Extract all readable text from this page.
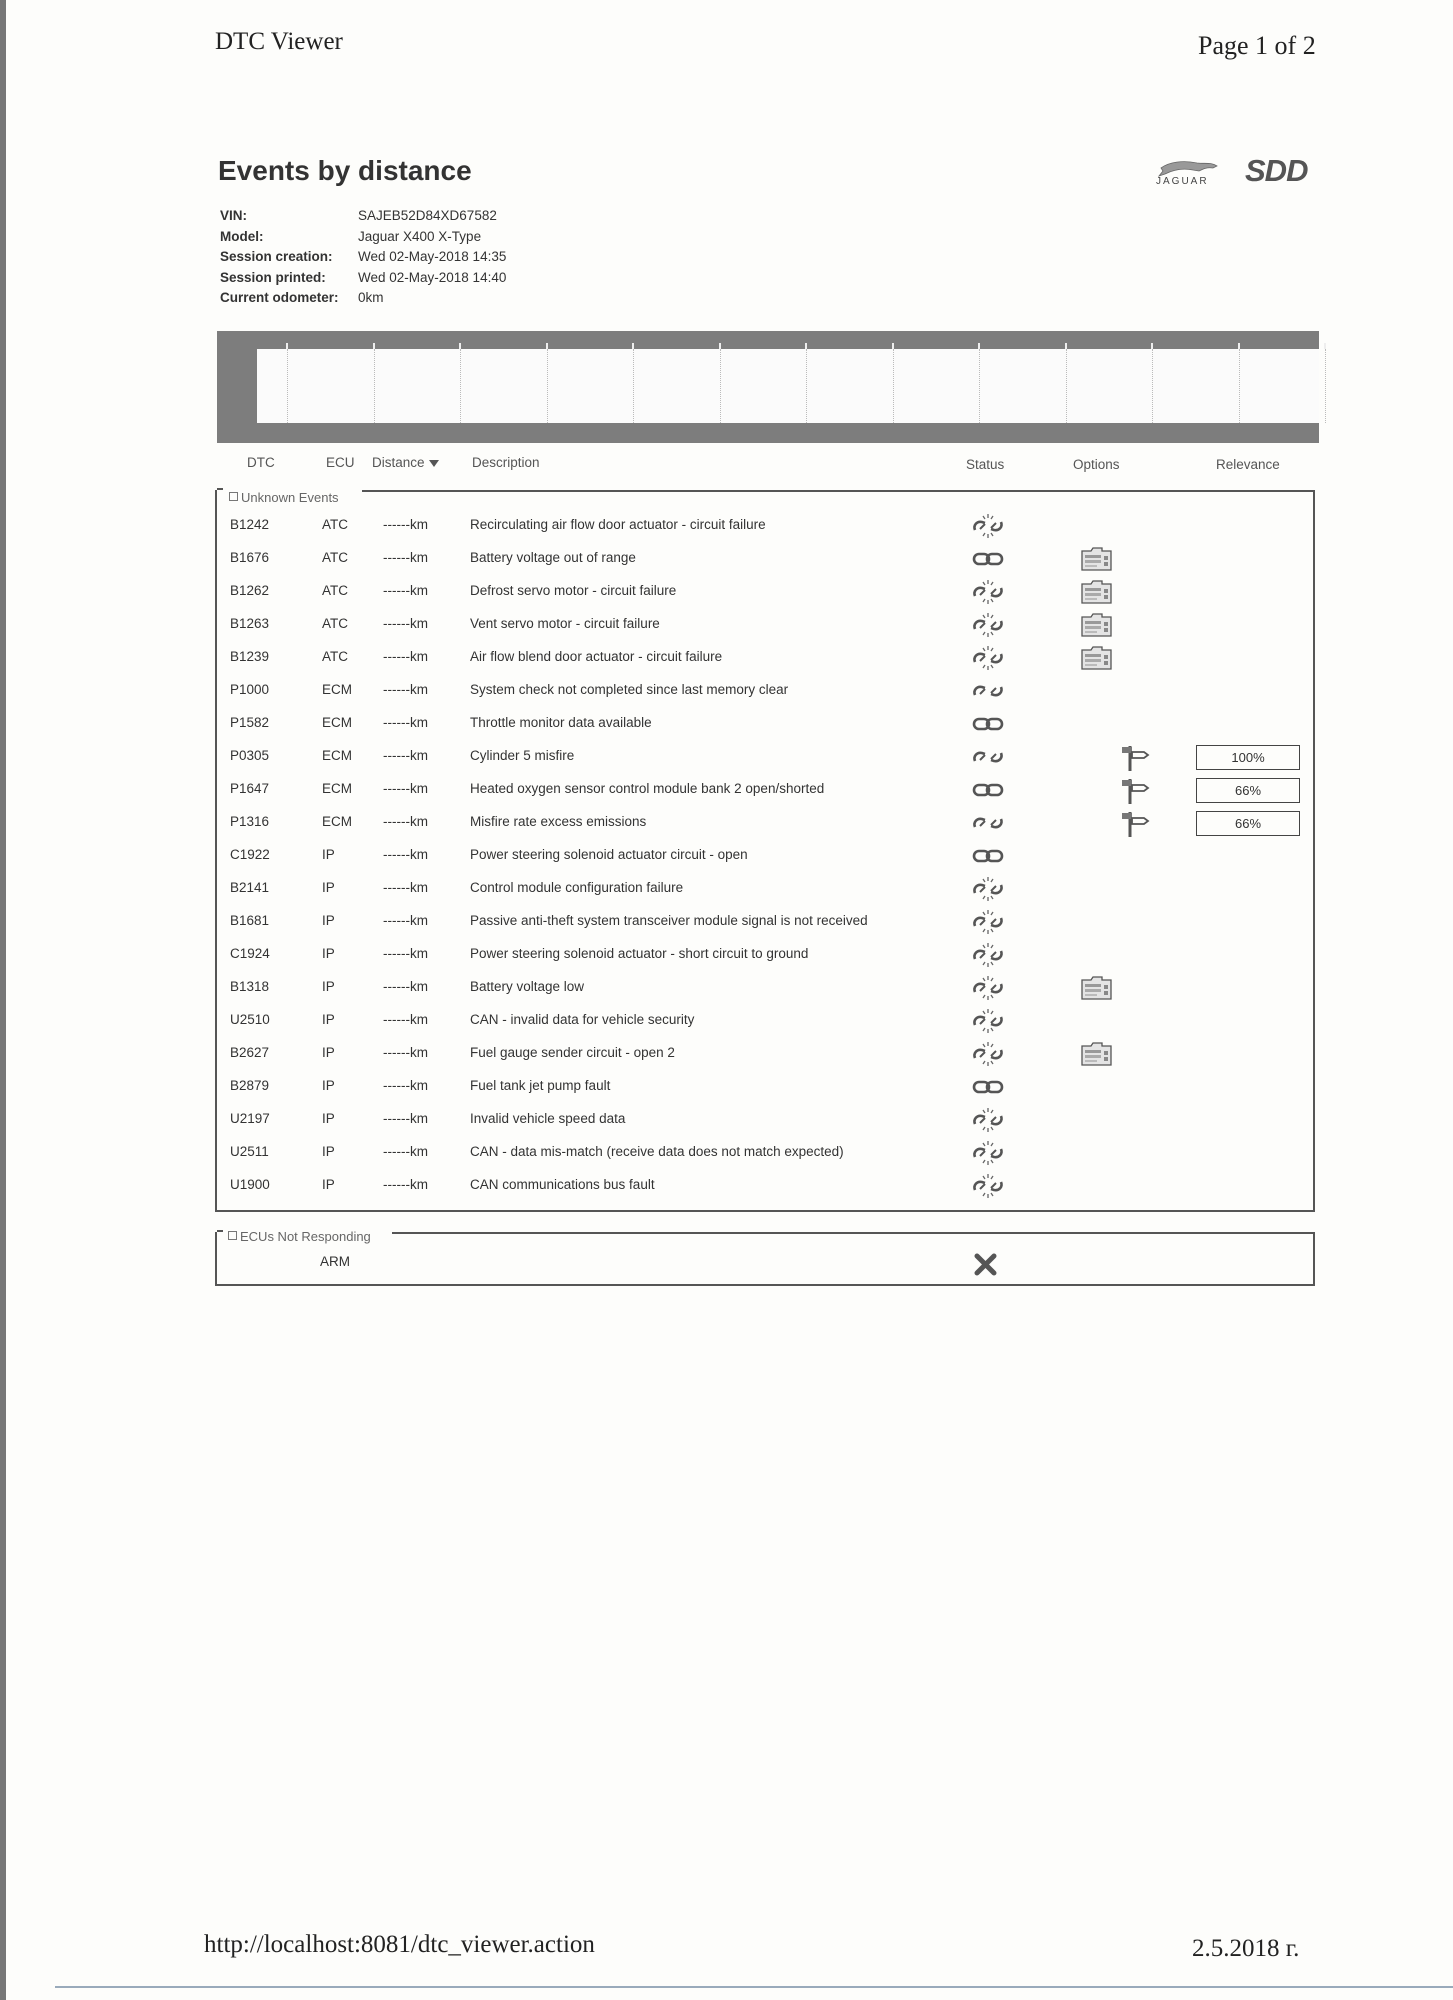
DTC Viewer	Page 1 of 2
Events by distance	JAGUAR SDD
VIN:	SAJEB52D84XD67582
Model:	Jaguar X400 X-Type
Session creation:	Wed 02-May-2018 14:35
Session printed:	Wed 02-May-2018 14:40
Current odometer:	0km
DTC	ECU Distance	Description	Status	Options	Relevance
Unknown Events
B1242	ATC	------km	Recirculating air flow door actuator - circuit failure
B1676	ATC	------km	Battery voltage out of range
B1262	ATC	------km	Defrost servo motor - circuit failure
B1263	ATC	------km	Vent servo motor - circuit failure
B1239	ATC	------km	Air flow blend door actuator - circuit failure
P1000	ECM ------km	System check not completed since last memory clear
P1582	ECM ------km	Throttle monitor data available
P0305	ECM ------km	Cylinder 5 misfire	100%
P1647	ECM ------km	Heated oxygen sensor control module bank 2 open/shorted	66%
P1316	ECM ------km	Misfire rate excess emissions	66%
C1922	IP	------km	Power steering solenoid actuator circuit - open
B2141	IP	------km	Control module configuration failure
B1681	IP	------km	Passive anti-theft system transceiver module signal is not received
C1924	IP	------km	Power steering solenoid actuator - short circuit to ground
B1318	IP	------km	Battery voltage low
U2510	IP	------km	CAN - invalid data for vehicle security
B2627	IP	------km	Fuel gauge sender circuit - open 2
B2879	IP	------km	Fuel tank jet pump fault
U2197	IP	------km	Invalid vehicle speed data
U2511	IP	------km	CAN - data mis-match (receive data does not match expected)
U1900	IP	------km	CAN communications bus fault
ECUs Not Responding
ARM
http://localhost:8081/dtc_viewer.action	2.5.2018 г.
